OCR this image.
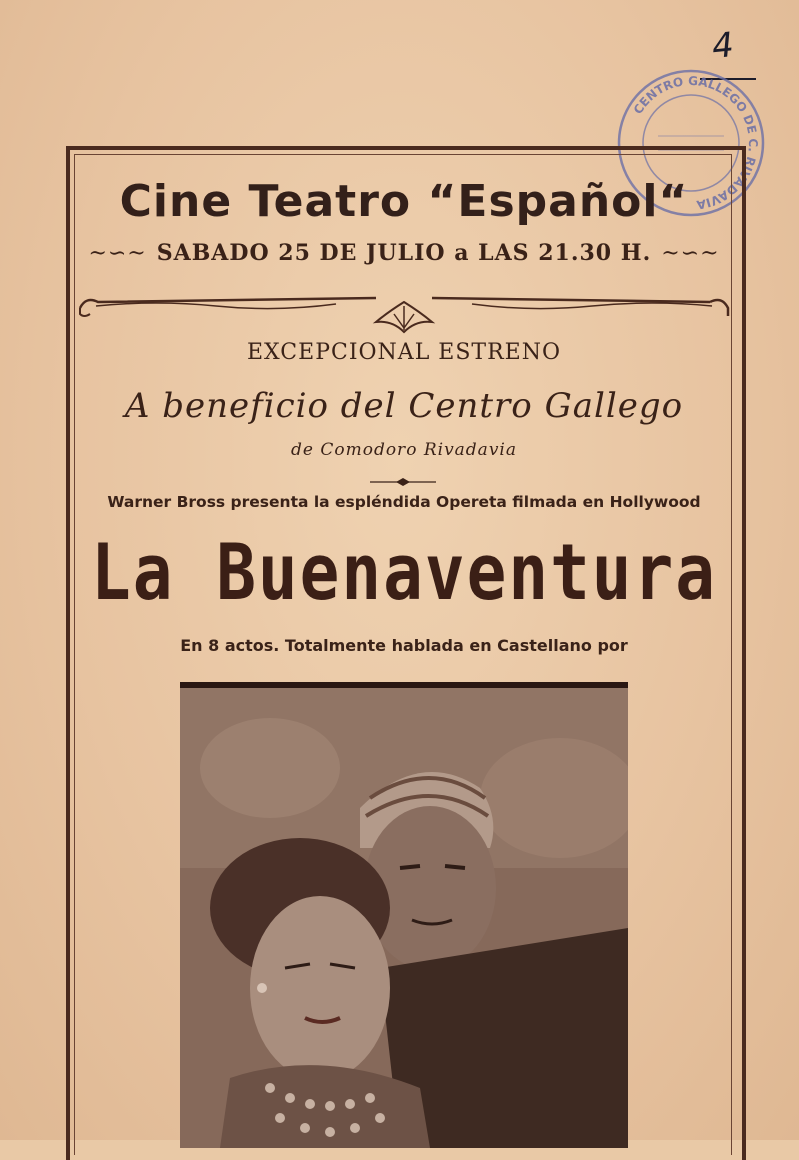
4
CENTRO GALLEGO DE C. RIVADAVIA
Cine Teatro “Español“
~∽~ SABADO 25 DE JULIO a LAS 21.30 H. ~∽~
EXCEPCIONAL ESTRENO
A beneficio del Centro Gallego
de Comodoro Rivadavia
Warner Bross presenta la espléndida Opereta filmada en Hollywood
La Buenaventura
En 8 actos. Totalmente hablada en Castellano por
